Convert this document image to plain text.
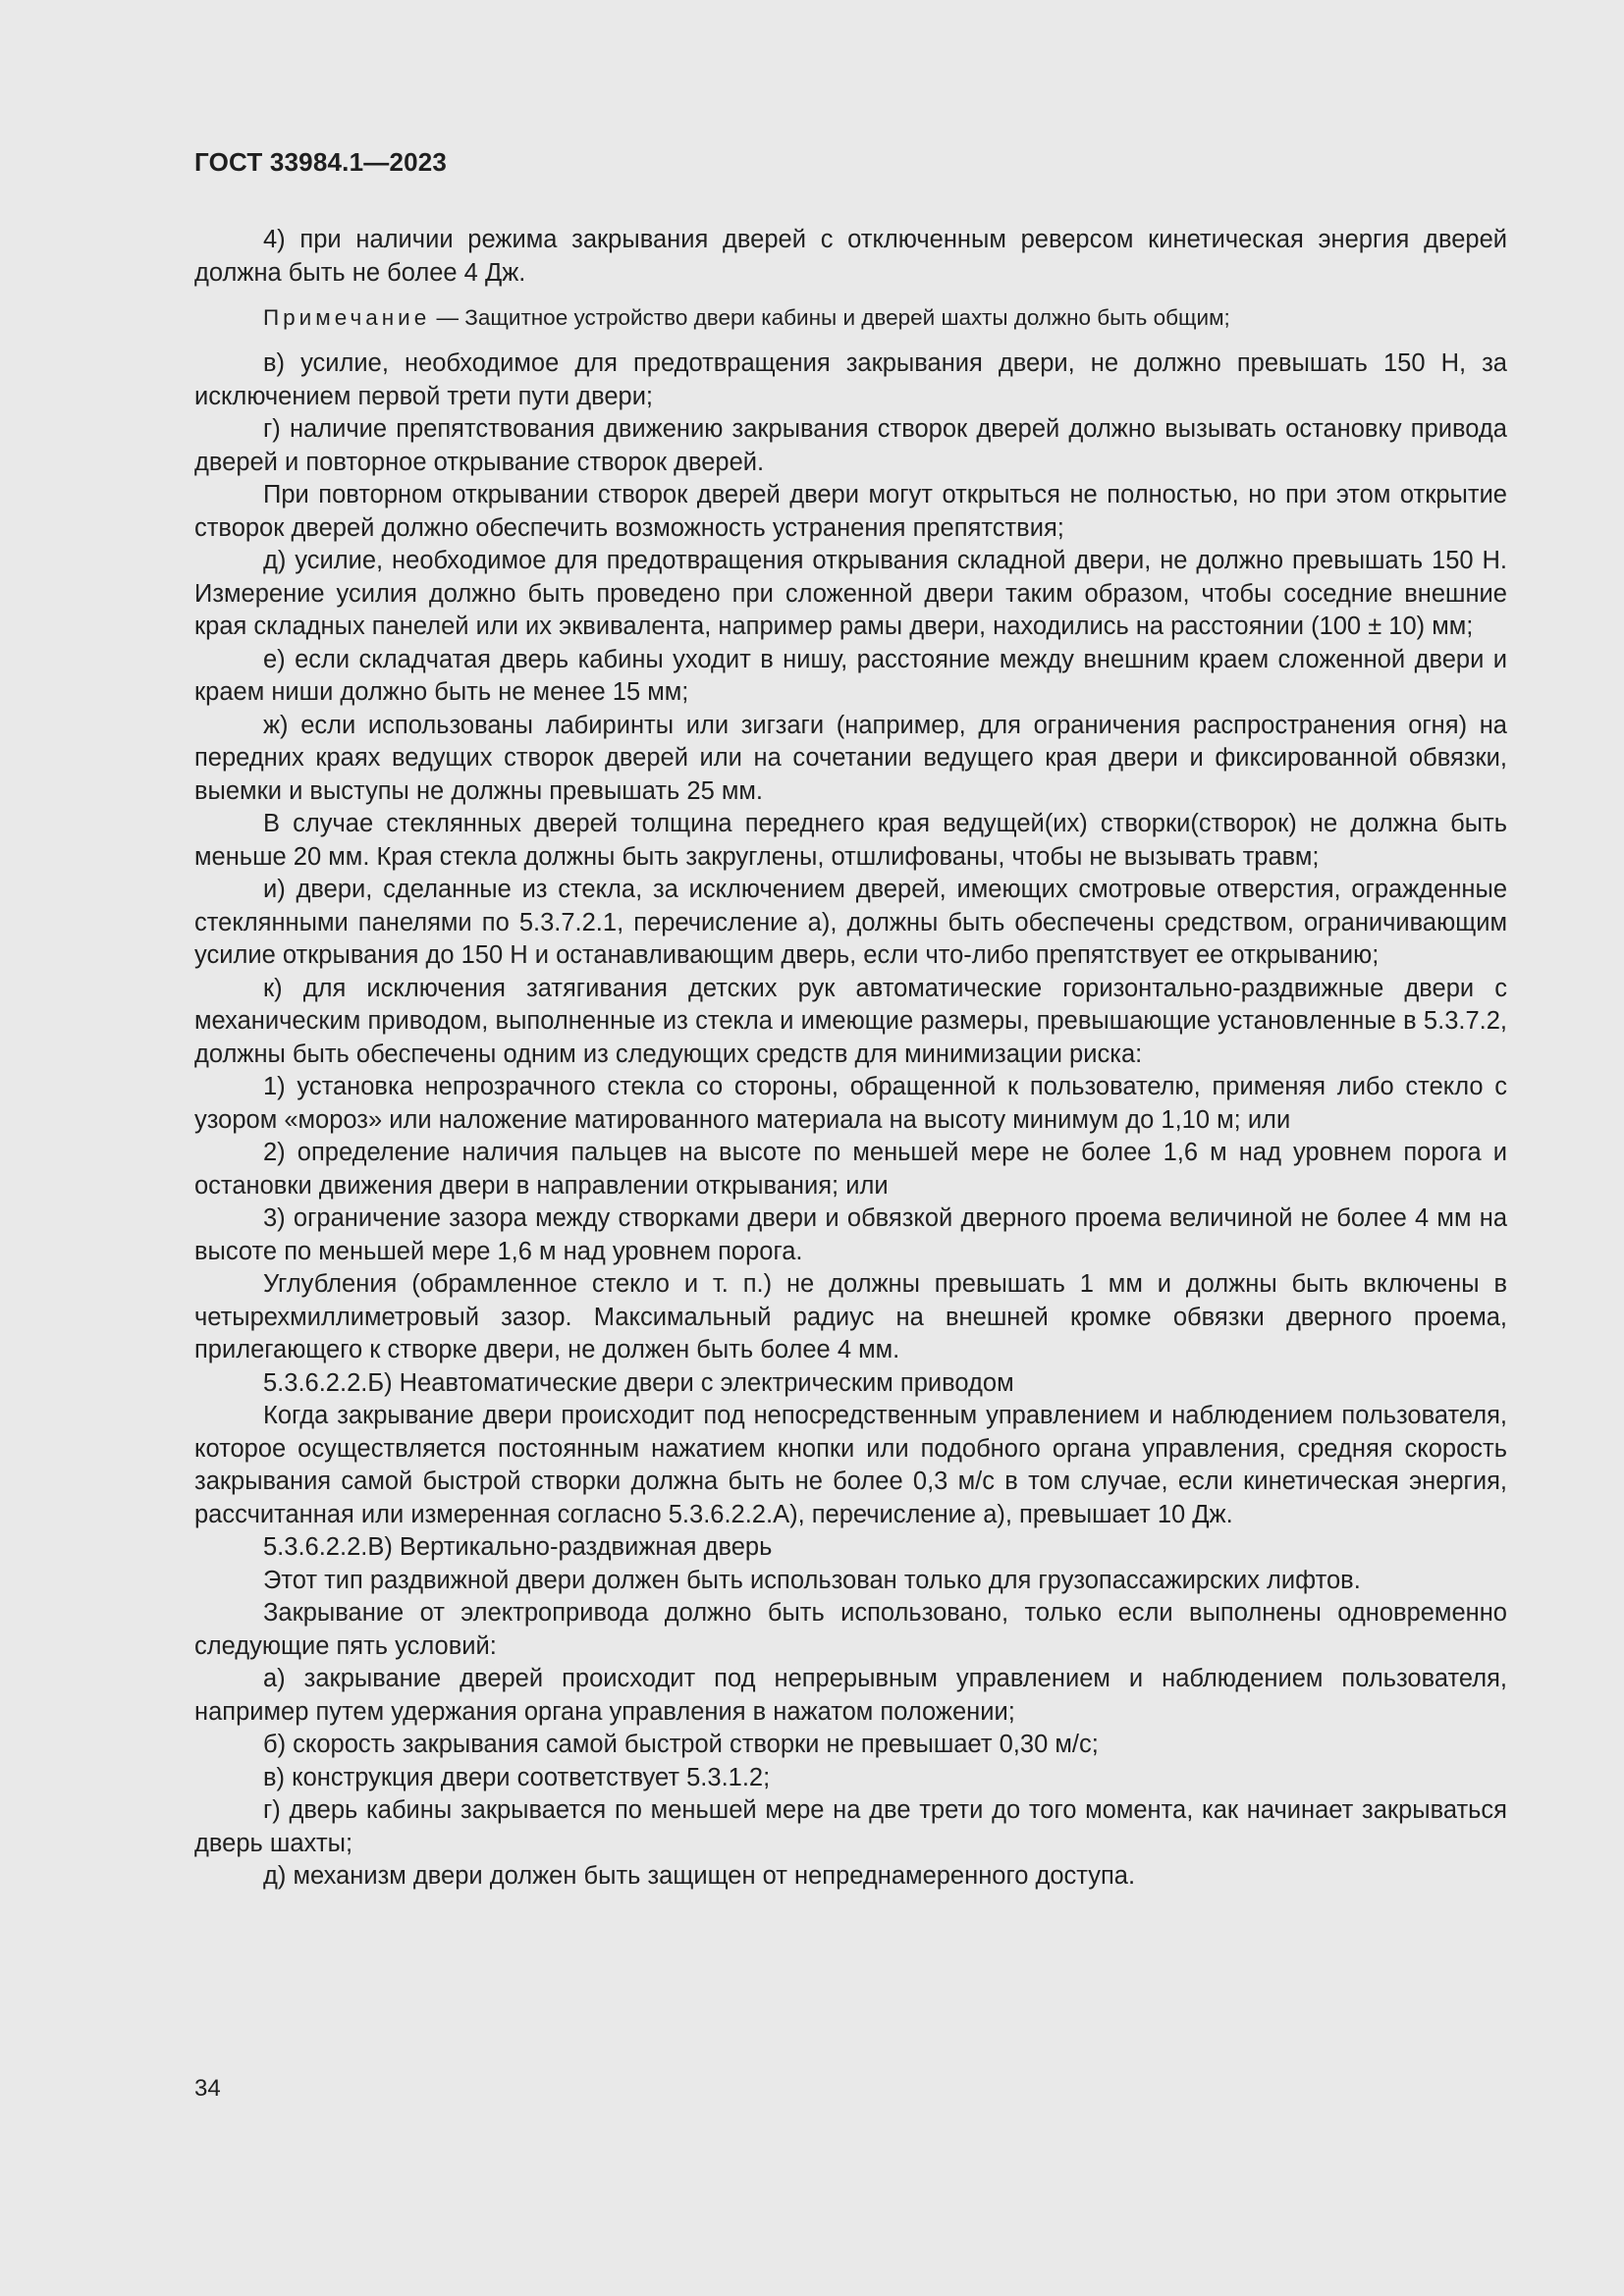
ГОСТ 33984.1—2023

4) при наличии режима закрывания дверей с отключенным реверсом кинетическая энергия дверей должна быть не более 4 Дж.

Примечание — Защитное устройство двери кабины и дверей шахты должно быть общим;

в) усилие, необходимое для предотвращения закрывания двери, не должно превышать 150 Н, за исключением первой трети пути двери;

г) наличие препятствования движению закрывания створок дверей должно вызывать остановку привода дверей и повторное открывание створок дверей.

При повторном открывании створок дверей двери могут открыться не полностью, но при этом открытие створок дверей должно обеспечить возможность устранения препятствия;

д) усилие, необходимое для предотвращения открывания складной двери, не должно превышать 150 Н. Измерение усилия должно быть проведено при сложенной двери таким образом, чтобы соседние внешние края складных панелей или их эквивалента, например рамы двери, находились на расстоянии (100 ± 10) мм;

е) если складчатая дверь кабины уходит в нишу, расстояние между внешним краем сложенной двери и краем ниши должно быть не менее 15 мм;

ж) если использованы лабиринты или зигзаги (например, для ограничения распространения огня) на передних краях ведущих створок дверей или на сочетании ведущего края двери и фиксированной обвязки, выемки и выступы не должны превышать 25 мм.

В случае стеклянных дверей толщина переднего края ведущей(их) створки(створок) не должна быть меньше 20 мм. Края стекла должны быть закруглены, отшлифованы, чтобы не вызывать травм;

и) двери, сделанные из стекла, за исключением дверей, имеющих смотровые отверстия, огражденные стеклянными панелями по 5.3.7.2.1, перечисление а), должны быть обеспечены средством, ограничивающим усилие открывания до 150 Н и останавливающим дверь, если что-либо препятствует ее открыванию;

к) для исключения затягивания детских рук автоматические горизонтально-раздвижные двери с механическим приводом, выполненные из стекла и имеющие размеры, превышающие установленные в 5.3.7.2, должны быть обеспечены одним из следующих средств для минимизации риска:

1) установка непрозрачного стекла со стороны, обращенной к пользователю, применяя либо стекло с узором «мороз» или наложение матированного материала на высоту минимум до 1,10 м; или

2) определение наличия пальцев на высоте по меньшей мере не более 1,6 м над уровнем порога и остановки движения двери в направлении открывания; или

3) ограничение зазора между створками двери и обвязкой дверного проема величиной не более 4 мм на высоте по меньшей мере 1,6 м над уровнем порога.

Углубления (обрамленное стекло и т. п.) не должны превышать 1 мм и должны быть включены в четырехмиллиметровый зазор. Максимальный радиус на внешней кромке обвязки дверного проема, прилегающего к створке двери, не должен быть более 4 мм.

5.3.6.2.2.Б) Неавтоматические двери с электрическим приводом

Когда закрывание двери происходит под непосредственным управлением и наблюдением пользователя, которое осуществляется постоянным нажатием кнопки или подобного органа управления, средняя скорость закрывания самой быстрой створки должна быть не более 0,3 м/с в том случае, если кинетическая энергия, рассчитанная или измеренная согласно 5.3.6.2.2.А), перечисление а), превышает 10 Дж.

5.3.6.2.2.В) Вертикально-раздвижная дверь

Этот тип раздвижной двери должен быть использован только для грузопассажирских лифтов.

Закрывание от электропривода должно быть использовано, только если выполнены одновременно следующие пять условий:

а) закрывание дверей происходит под непрерывным управлением и наблюдением пользователя, например путем удержания органа управления в нажатом положении;

б) скорость закрывания самой быстрой створки не превышает 0,30 м/с;

в) конструкция двери соответствует 5.3.1.2;

г) дверь кабины закрывается по меньшей мере на две трети до того момента, как начинает закрываться дверь шахты;

д) механизм двери должен быть защищен от непреднамеренного доступа.

34
